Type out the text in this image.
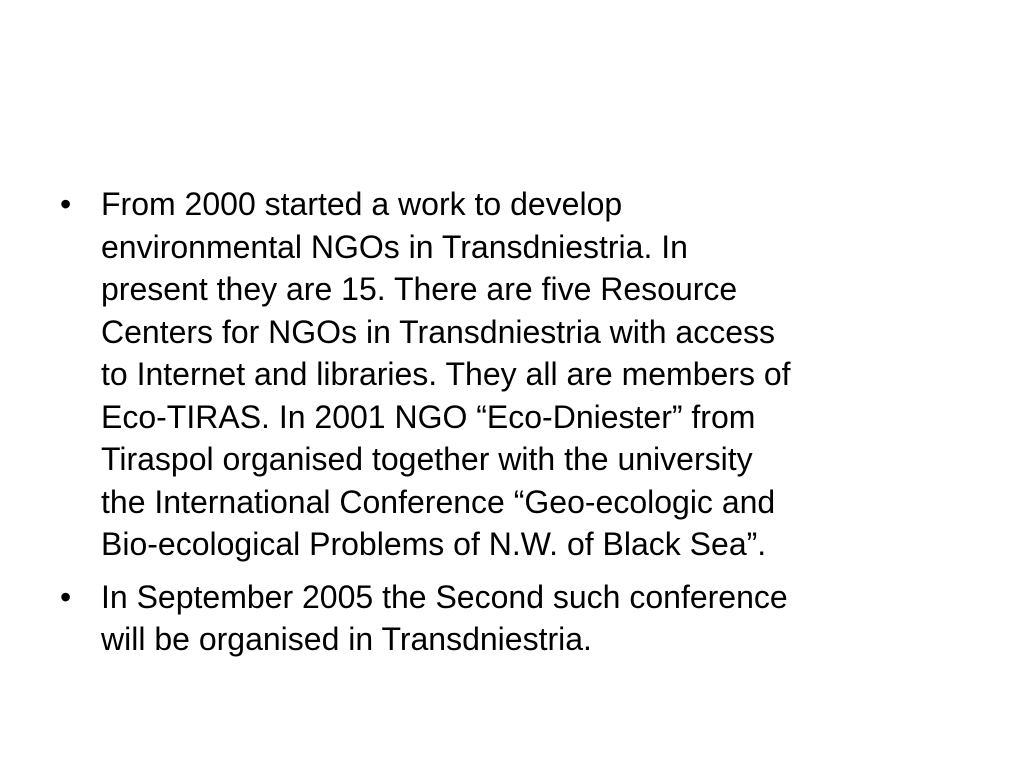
• From 2000 started a work to develop
environmental NGOs in Transdniestria. In
present they are 15. There are five Resource
Centers for NGOs in Transdniestria with access
to Internet and libraries. They all are members of
Eco-TIRAS. In 2001 NGO “Eco-Dniester” from
Tiraspol organised together with the university
the International Conference “Geo-ecologic and
Bio-ecological Problems of N.W. of Black Sea”.
• In September 2005 the Second such conference
will be organised in Transdniestria.
